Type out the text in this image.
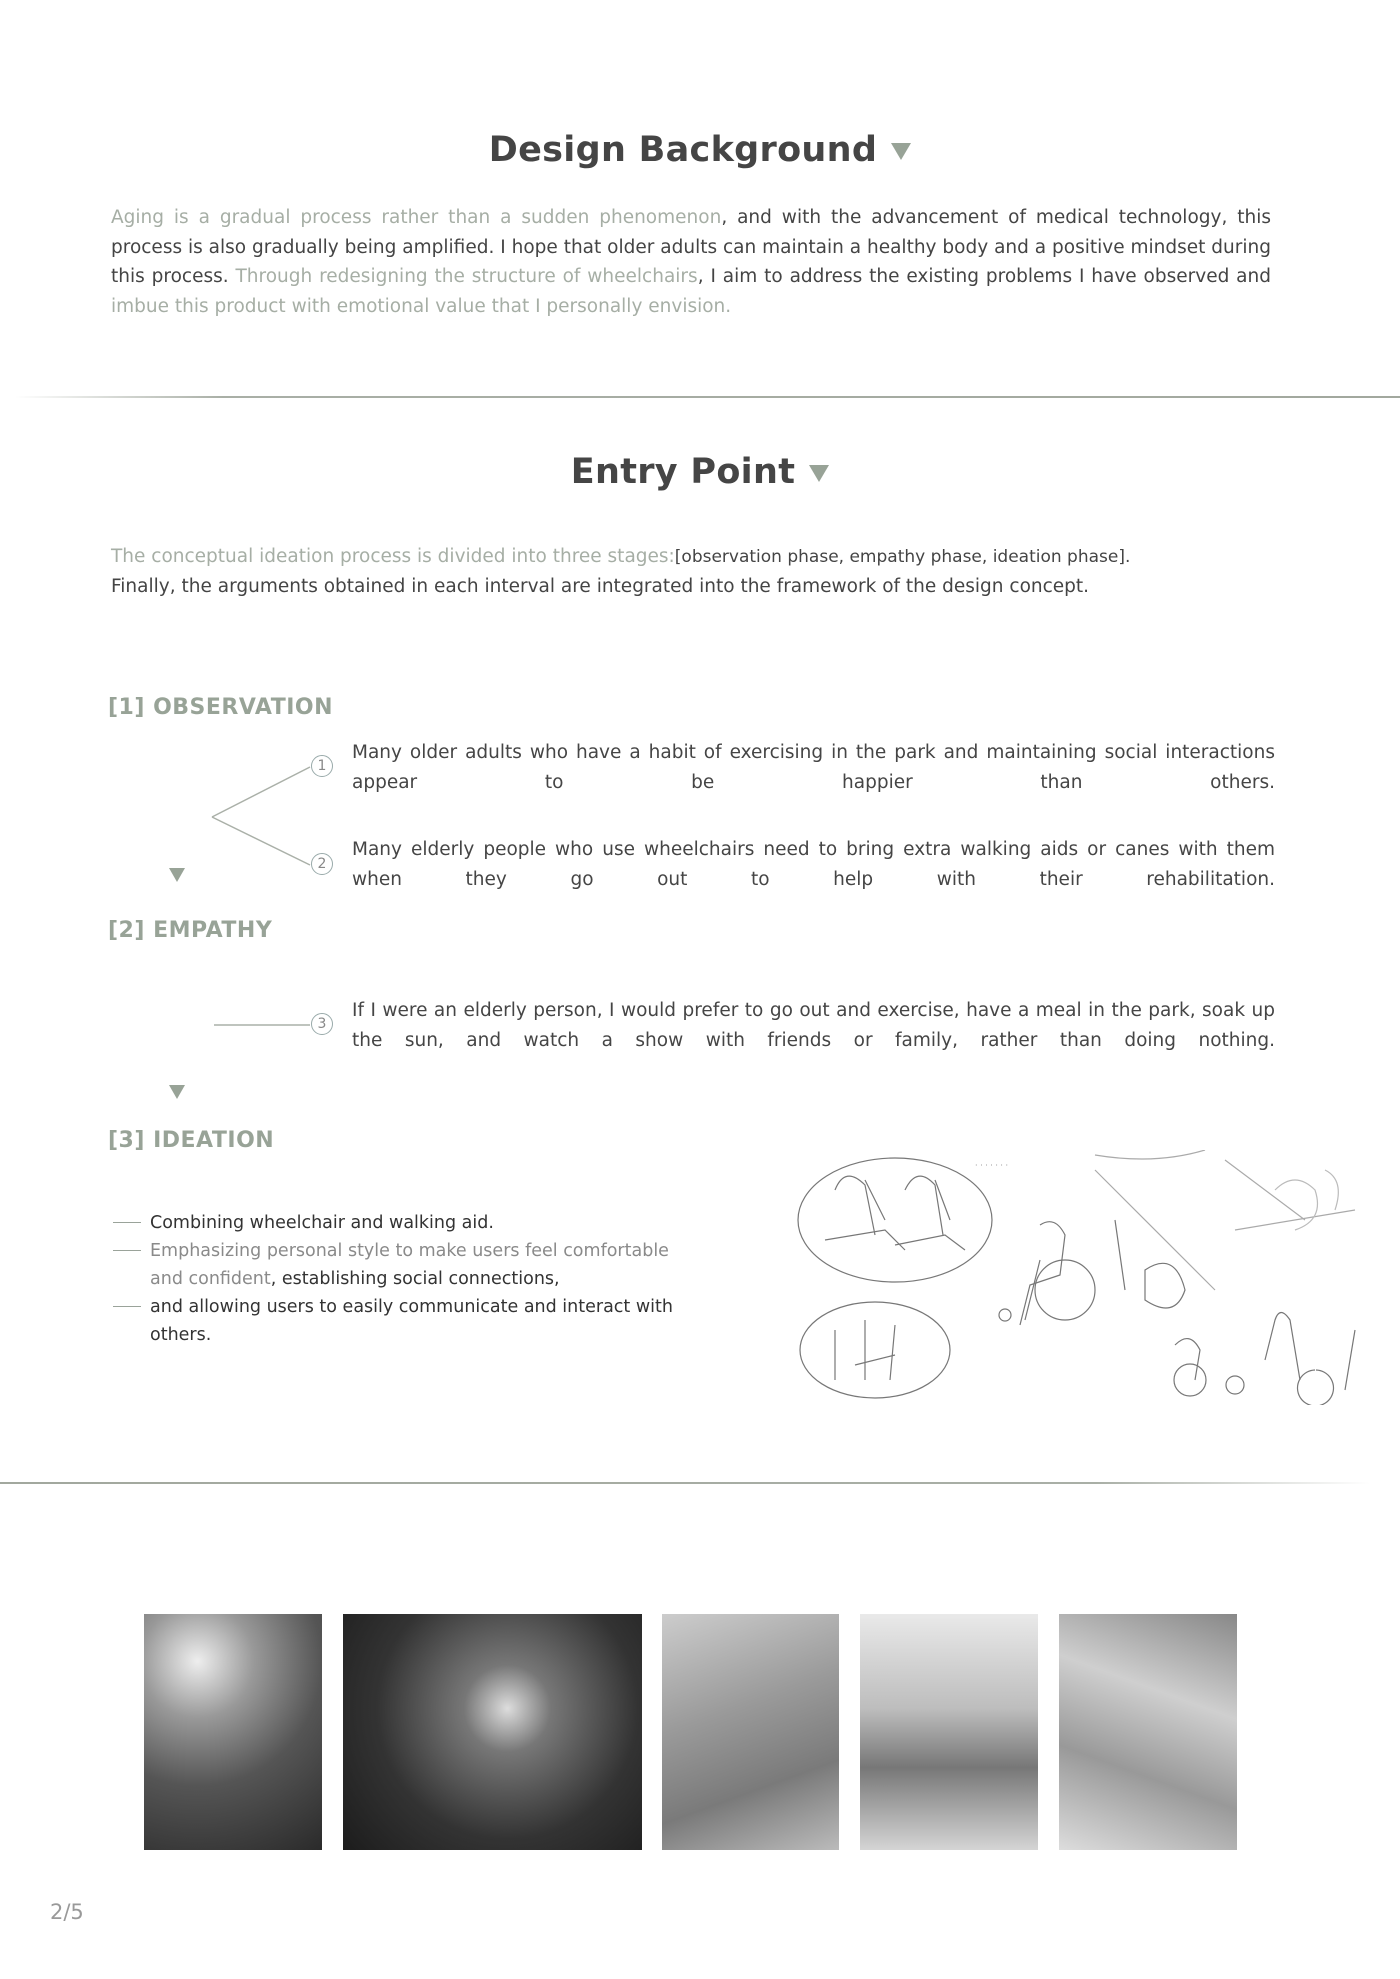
Design Background
Aging is a gradual process rather than a sudden phenomenon, and with the advancement of medical technology, this process is also gradually being amplified. I hope that older adults can maintain a healthy body and a positive mindset during this process. Through redesigning the structure of wheelchairs, I aim to address the existing problems I have observed and imbue this product with emotional value that I personally envision.
Entry Point
The conceptual ideation process is divided into three stages:[observation phase, empathy phase, ideation phase].
Finally, the arguments obtained in each interval are integrated into the framework of the design concept.
[1] OBSERVATION
1
2
Many older adults who have a habit of exercising in the park and maintaining social interactions appear to be happier than others.
Many elderly people who use wheelchairs need to bring extra walking aids or canes with them when they go out to help with their rehabilitation.
[2] EMPATHY
3
If I were an elderly person, I would prefer to go out and exercise, have a meal in the park, soak up the sun, and watch a show with friends or family, rather than doing nothing.
[3] IDEATION
Combining wheelchair and walking aid.
Emphasizing personal style to make users feel comfortable and confident, establishing social connections,
and allowing users to easily communicate and interact with others.
· · · · · · ·
2/5
